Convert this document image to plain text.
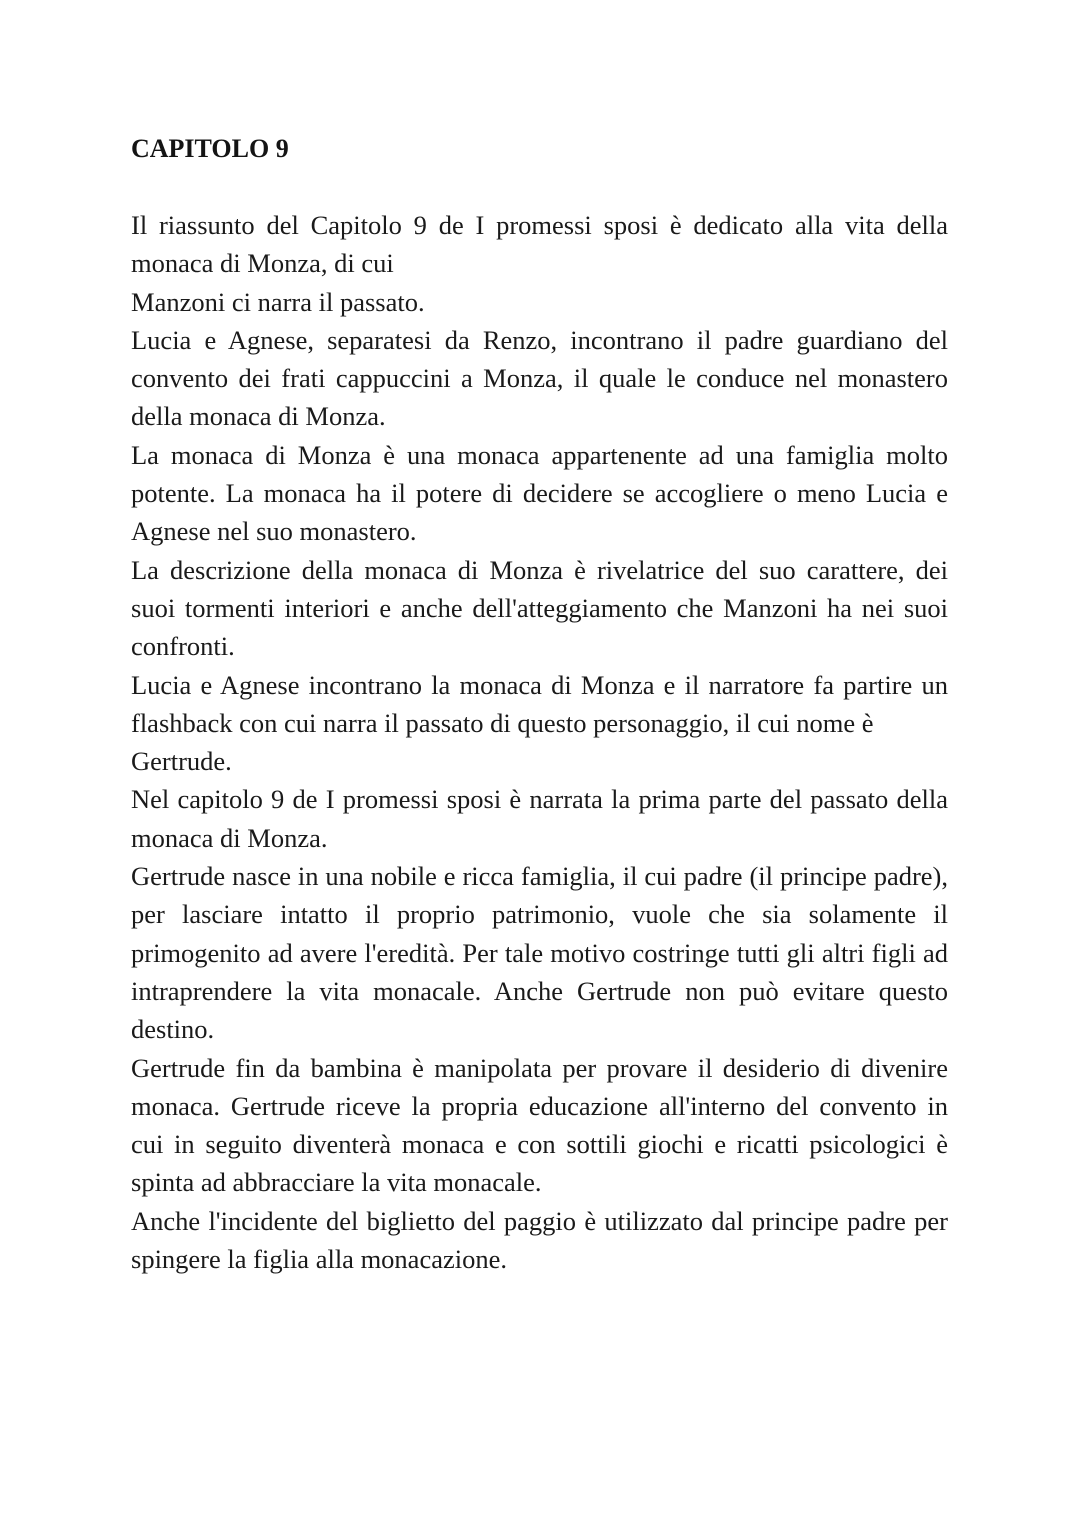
CAPITOLO 9

Il riassunto del Capitolo 9 de I promessi sposi è dedicato alla vita della monaca di Monza, di cui

Manzoni ci narra il passato.

Lucia e Agnese, separatesi da Renzo, incontrano il padre guardiano del convento dei frati cappuccini a Monza, il quale le conduce nel monastero della monaca di Monza.

La monaca di Monza è una monaca appartenente ad una famiglia molto potente. La monaca ha il potere di decidere se accogliere o meno Lucia e Agnese nel suo monastero.

La descrizione della monaca di Monza è rivelatrice del suo carattere, dei suoi tormenti interiori e anche dell'atteggiamento che Manzoni ha nei suoi confronti.

Lucia e Agnese incontrano la monaca di Monza e il narratore fa partire un flashback con cui narra il passato di questo personaggio, il cui nome è

Gertrude.

Nel capitolo 9 de I promessi sposi è narrata la prima parte del passato della monaca di Monza.

Gertrude nasce in una nobile e ricca famiglia, il cui padre (il principe padre), per lasciare intatto il proprio patrimonio, vuole che sia solamente il primogenito ad avere l'eredità. Per tale motivo costringe tutti gli altri figli ad intraprendere la vita monacale. Anche Gertrude non può evitare questo destino.

Gertrude fin da bambina è manipolata per provare il desiderio di divenire monaca. Gertrude riceve la propria educazione all'interno del convento in cui in seguito diventerà monaca e con sottili giochi e ricatti psicologici è spinta ad abbracciare la vita monacale.

Anche l'incidente del biglietto del paggio è utilizzato dal principe padre per spingere la figlia alla monacazione.
